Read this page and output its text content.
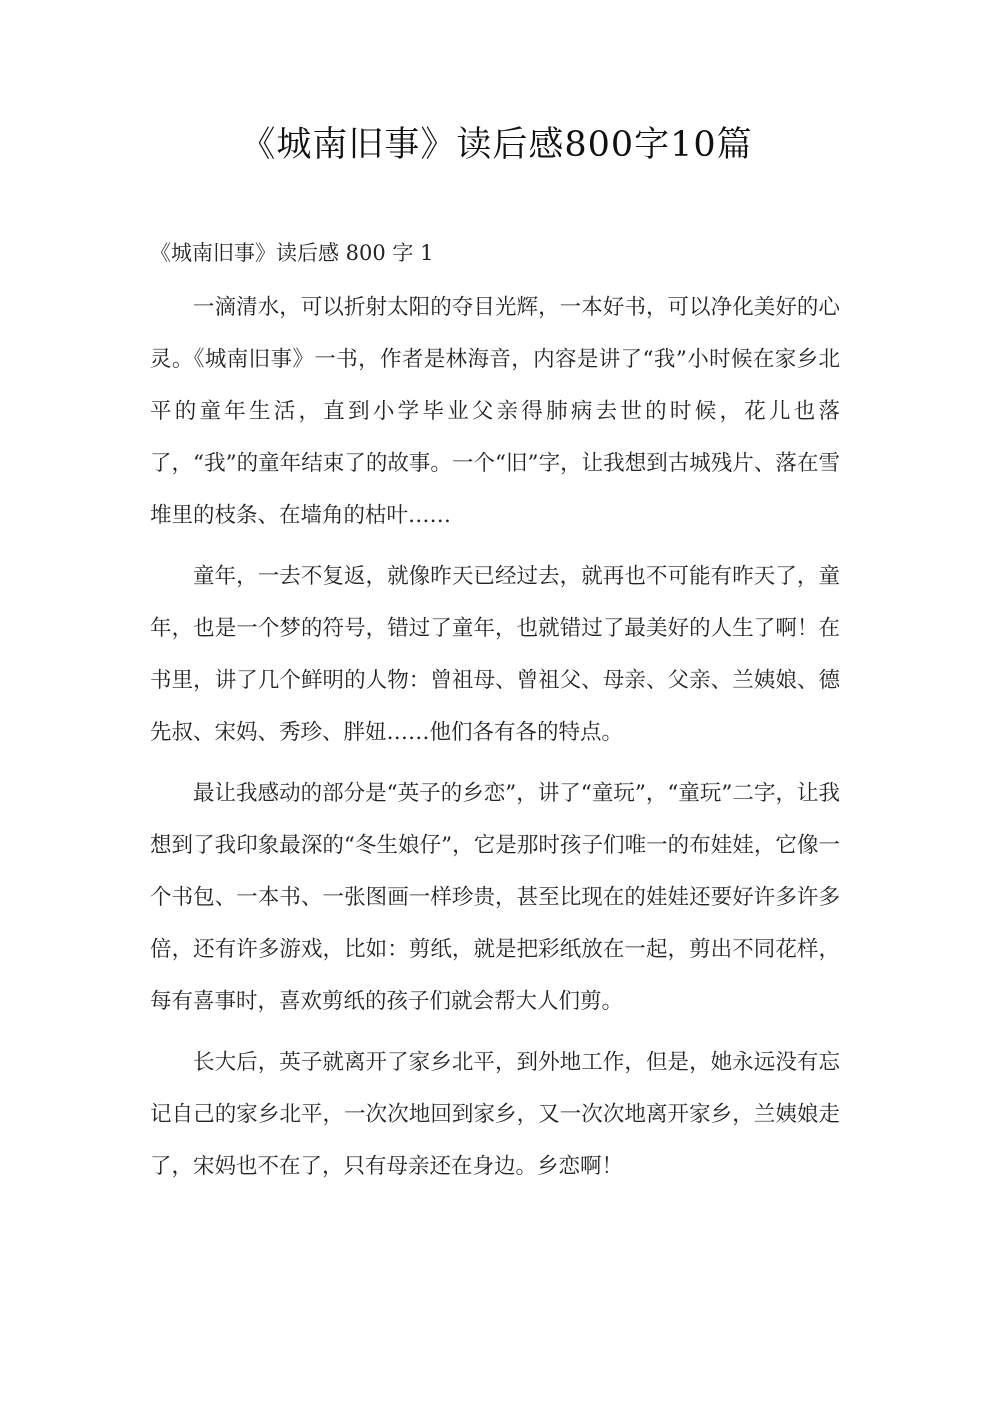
《城南旧事》读后感800字10篇
《城南旧事》读后感 800 字 1

一滴清水，可以折射太阳的夺目光辉，一本好书，可以净化美好的心灵。《城南旧事》一书，作者是林海音，内容是讲了“我”小时候在家乡北平的童年生活，直到小学毕业父亲得肺病去世的时候，花儿也落了，“我”的童年结束了的故事。一个“旧”字，让我想到古城残片、落在雪堆里的枝条、在墙角的枯叶……

童年，一去不复返，就像昨天已经过去，就再也不可能有昨天了，童年，也是一个梦的符号，错过了童年，也就错过了最美好的人生了啊！在书里，讲了几个鲜明的人物：曾祖母、曾祖父、母亲、父亲、兰姨娘、德先叔、宋妈、秀珍、胖妞……他们各有各的特点。

最让我感动的部分是“英子的乡恋”，讲了“童玩”，“童玩”二字，让我想到了我印象最深的“冬生娘仔”，它是那时孩子们唯一的布娃娃，它像一个书包、一本书、一张图画一样珍贵，甚至比现在的娃娃还要好许多许多倍，还有许多游戏，比如：剪纸，就是把彩纸放在一起，剪出不同花样，每有喜事时，喜欢剪纸的孩子们就会帮大人们剪。

长大后，英子就离开了家乡北平，到外地工作，但是，她永远没有忘记自己的家乡北平，一次次地回到家乡，又一次次地离开家乡，兰姨娘走了，宋妈也不在了，只有母亲还在身边。乡恋啊！
